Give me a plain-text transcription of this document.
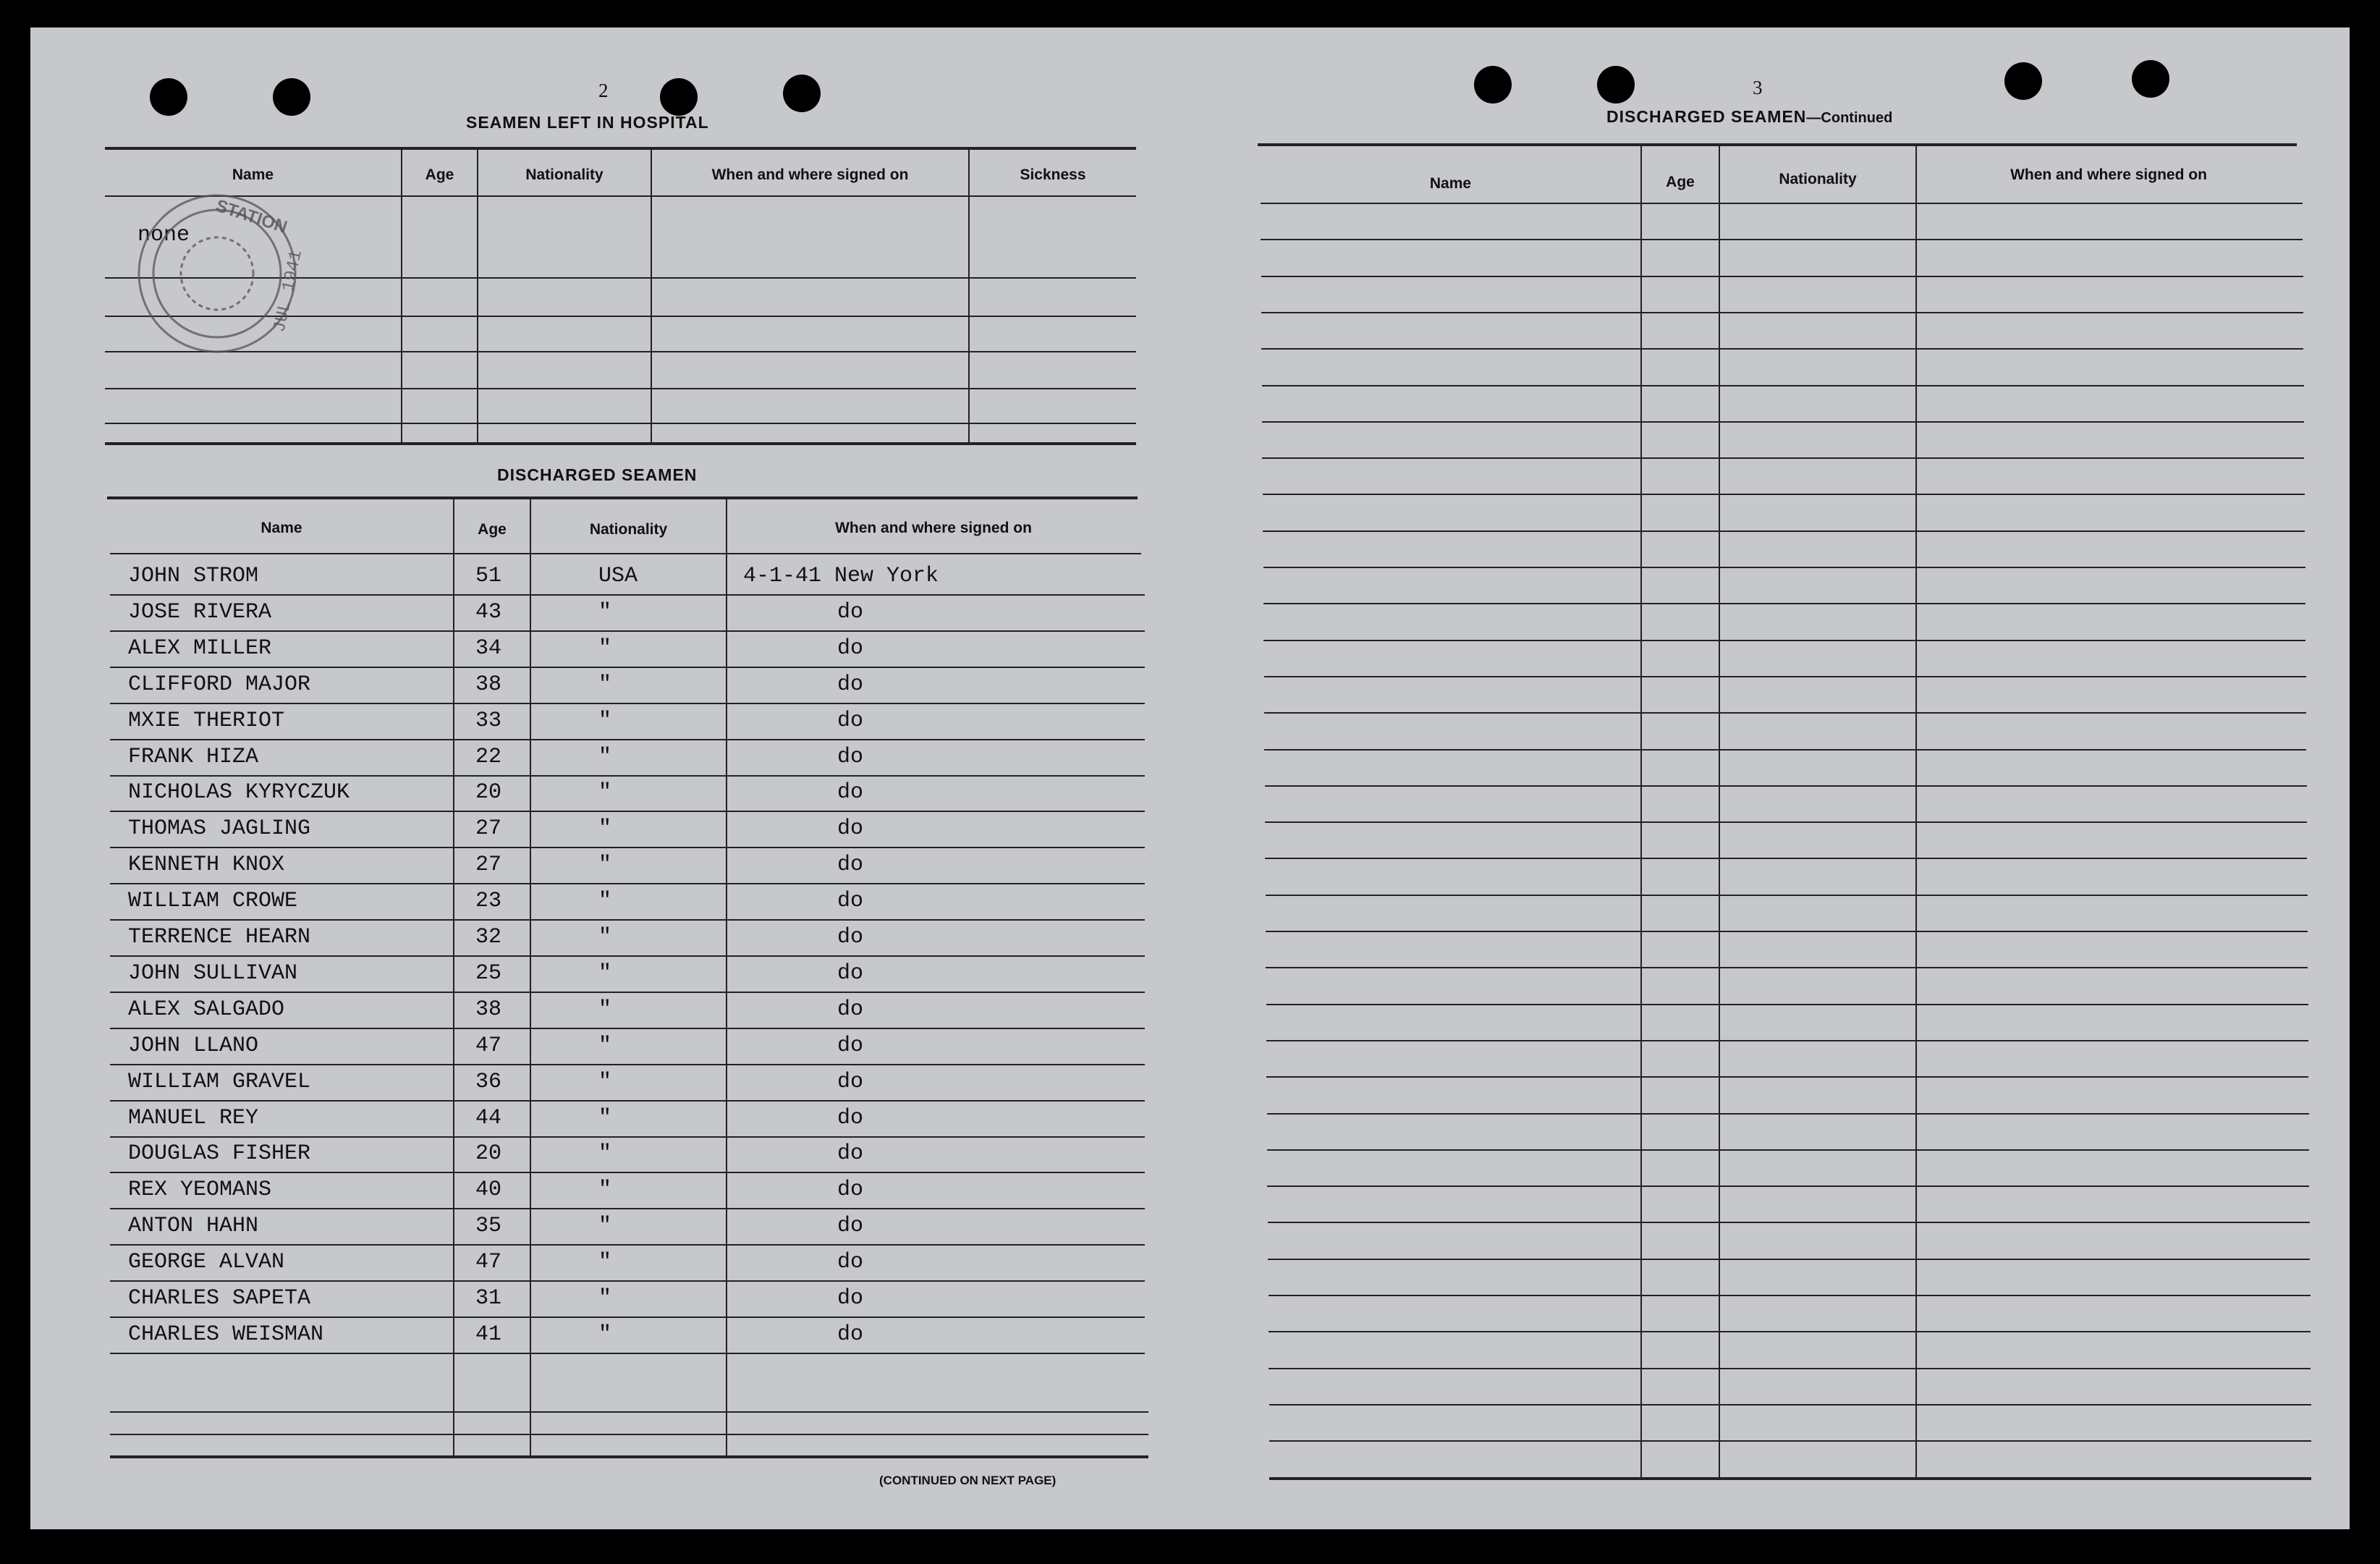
2
SEAMEN LEFT IN HOSPITAL
Name	Age	Nationality	When and where signed on	Sickness
none STATION
JUL 1941
DISCHARGED SEAMEN
Name	Age	Nationality	When and where signed on
JOHN STROM	51	USA	4-1-41 New York
JOSE RIVERA	43	"	do
ALEX MILLER	34	"	do
CLIFFORD MAJOR	38	"	do
MXIE THERIOT	33	"	do
FRANK HIZA	22	"	do
NICHOLAS KYRYCZUK	20	"	do
THOMAS JAGLING	27	"	do
KENNETH KNOX	27	"	do
WILLIAM CROWE	23	"	do
TERRENCE HEARN	32	"	do
JOHN SULLIVAN	25	"	do
ALEX SALGADO	38	"	do
JOHN LLANO	47	"	do
WILLIAM GRAVEL	36	"	do
MANUEL REY	44	"	do
DOUGLAS FISHER	20	"	do
REX YEOMANS	40	"	do
ANTON HAHN	35	"	do
GEORGE ALVAN	47	"	do
CHARLES SAPETA	31	"	do
CHARLES WEISMAN	41	"	do
(CONTINUED ON NEXT PAGE)
3
DISCHARGED SEAMEN—Continued
Name	Age	Nationality	When and where signed on
